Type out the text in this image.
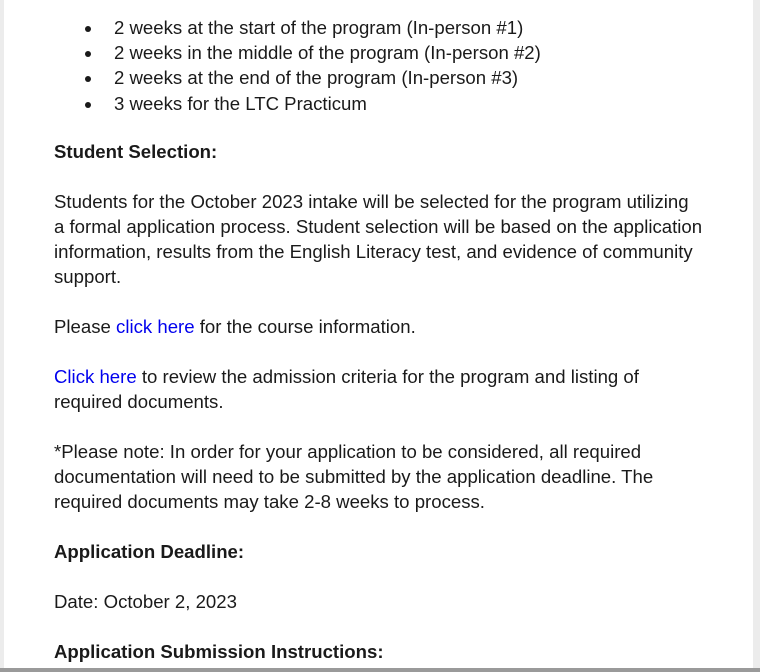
2 weeks at the start of the program (In-person #1)
2 weeks in the middle of the program (In-person #2)
2 weeks at the end of the program (In-person #3)
3 weeks for the LTC Practicum

Student Selection:

Students for the October 2023 intake will be selected for the program utilizing a formal application process. Student selection will be based on the application information, results from the English Literacy test, and evidence of community support.

Please click here for the course information.

Click here to review the admission criteria for the program and listing of required documents.

*Please note: In order for your application to be considered, all required documentation will need to be submitted by the application deadline. The required documents may take 2-8 weeks to process.

Application Deadline:

Date: October 2, 2023

Application Submission Instructions:
